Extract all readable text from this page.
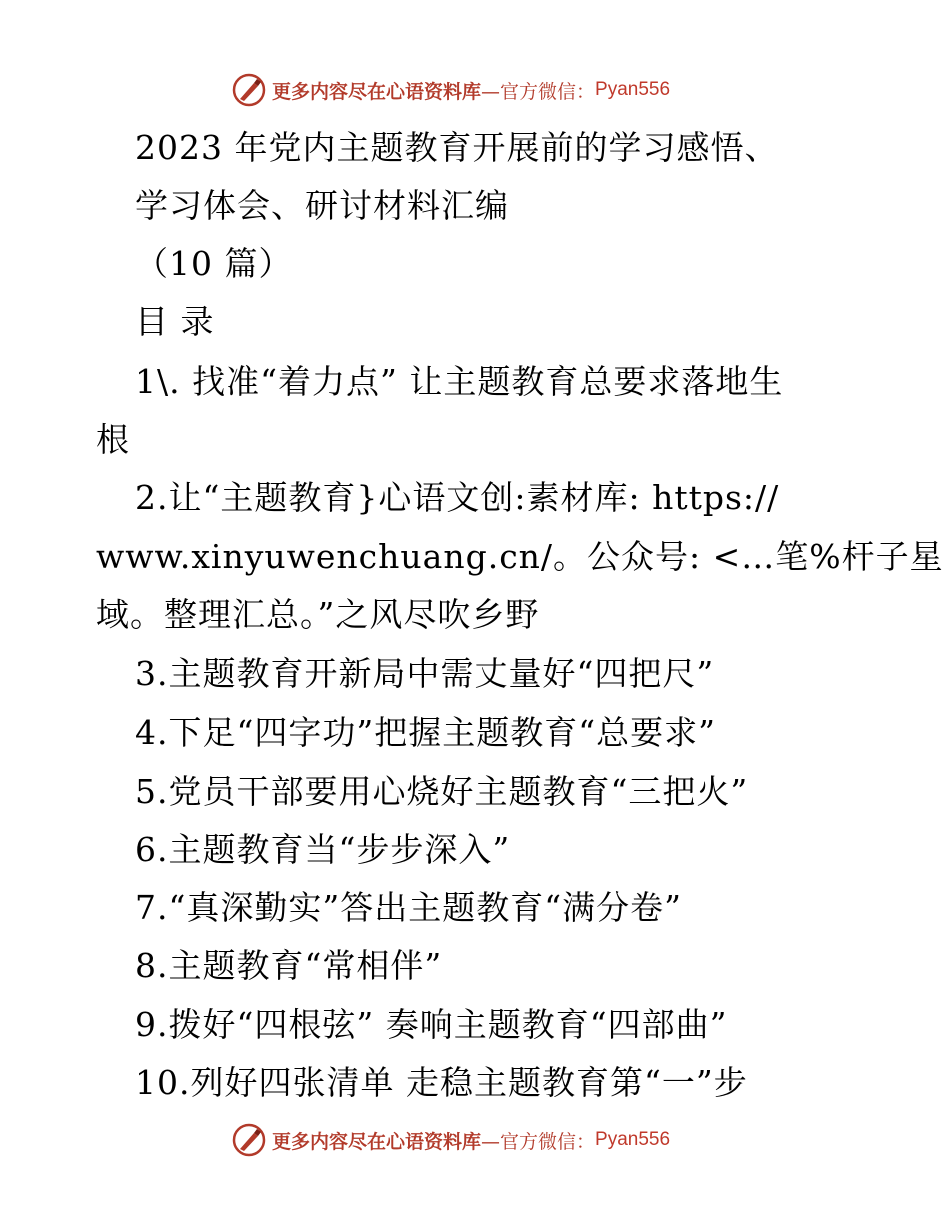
更多内容尽在心语资料库 —官方微信： Pyan556
2023 年党内主题教育开展前的学习感悟、
学习体会、研讨材料汇编
（10 篇）
目 录
1\. 找准“着力点” 让主题教育总要求落地生
根
2.让“主题教育}心语文创:素材库: https://
www.xinyuwenchuang.cn/。公众号: <…笔%杆子星
域。整理汇总。”之风尽吹乡野
3.主题教育开新局中需丈量好“四把尺”
4.下足“四字功”把握主题教育“总要求”
5.党员干部要用心烧好主题教育“三把火”
6.主题教育当“步步深入”
7.“真深勤实”答出主题教育“满分卷”
8.主题教育“常相伴”
9.拨好“四根弦” 奏响主题教育“四部曲”
10.列好四张清单 走稳主题教育第“一”步
更多内容尽在心语资料库 —官方微信： Pyan556
